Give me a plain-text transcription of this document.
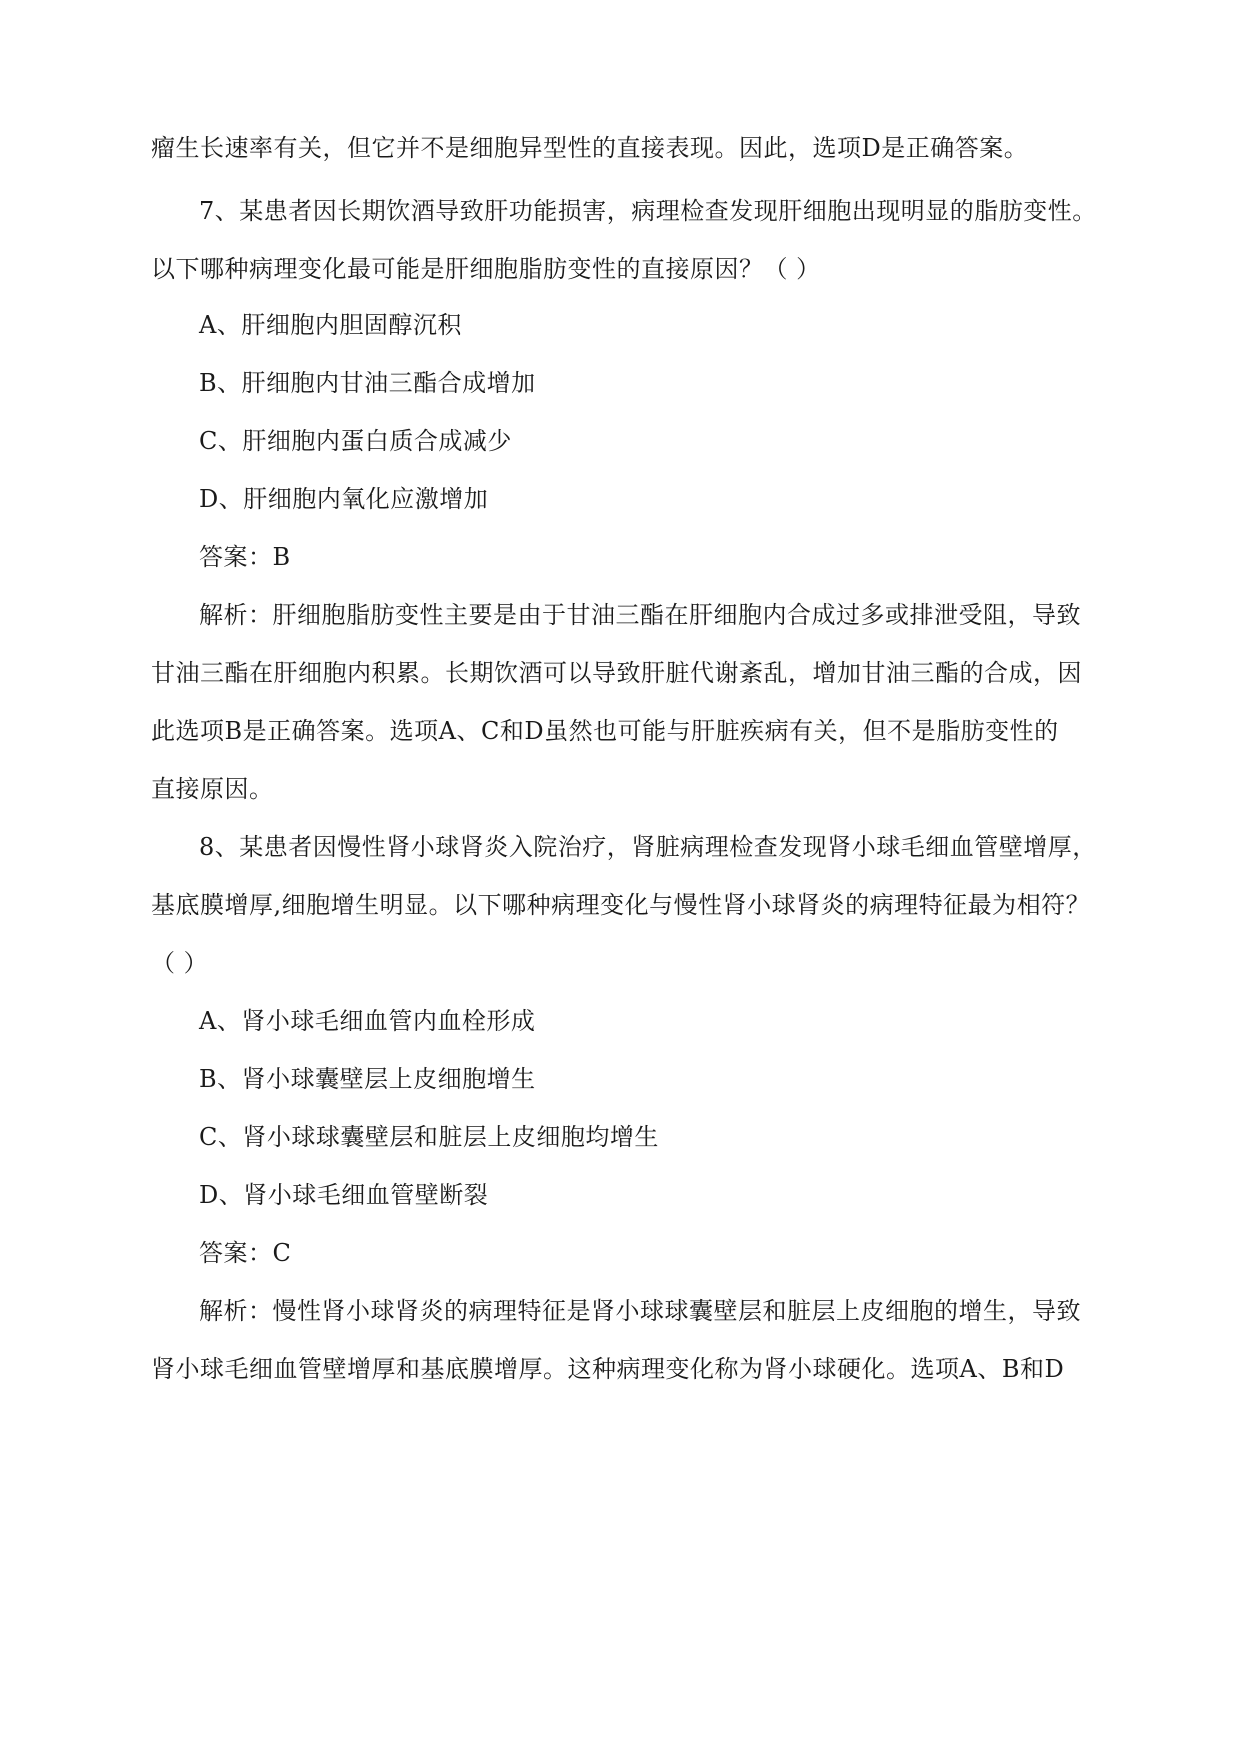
瘤生长速率有关，但它并不是细胞异型性的直接表现。因此，选项D是正确答案。
7、某患者因长期饮酒导致肝功能损害，病理检查发现肝细胞出现明显的脂肪变性。
以下哪种病理变化最可能是肝细胞脂肪变性的直接原因？（ ）
A、肝细胞内胆固醇沉积
B、肝细胞内甘油三酯合成增加
C、肝细胞内蛋白质合成减少
D、肝细胞内氧化应激增加
答案：B
解析：肝细胞脂肪变性主要是由于甘油三酯在肝细胞内合成过多或排泄受阻，导致
甘油三酯在肝细胞内积累。长期饮酒可以导致肝脏代谢紊乱，增加甘油三酯的合成，因
此选项B是正确答案。选项A、C和D虽然也可能与肝脏疾病有关，但不是脂肪变性的
直接原因。
8、某患者因慢性肾小球肾炎入院治疗，肾脏病理检查发现肾小球毛细血管壁增厚，
基底膜增厚,细胞增生明显。以下哪种病理变化与慢性肾小球肾炎的病理特征最为相符？
（ ）
A、肾小球毛细血管内血栓形成
B、肾小球囊壁层上皮细胞增生
C、肾小球球囊壁层和脏层上皮细胞均增生
D、肾小球毛细血管壁断裂
答案：C
解析：慢性肾小球肾炎的病理特征是肾小球球囊壁层和脏层上皮细胞的增生，导致
肾小球毛细血管壁增厚和基底膜增厚。这种病理变化称为肾小球硬化。选项A、B和D
